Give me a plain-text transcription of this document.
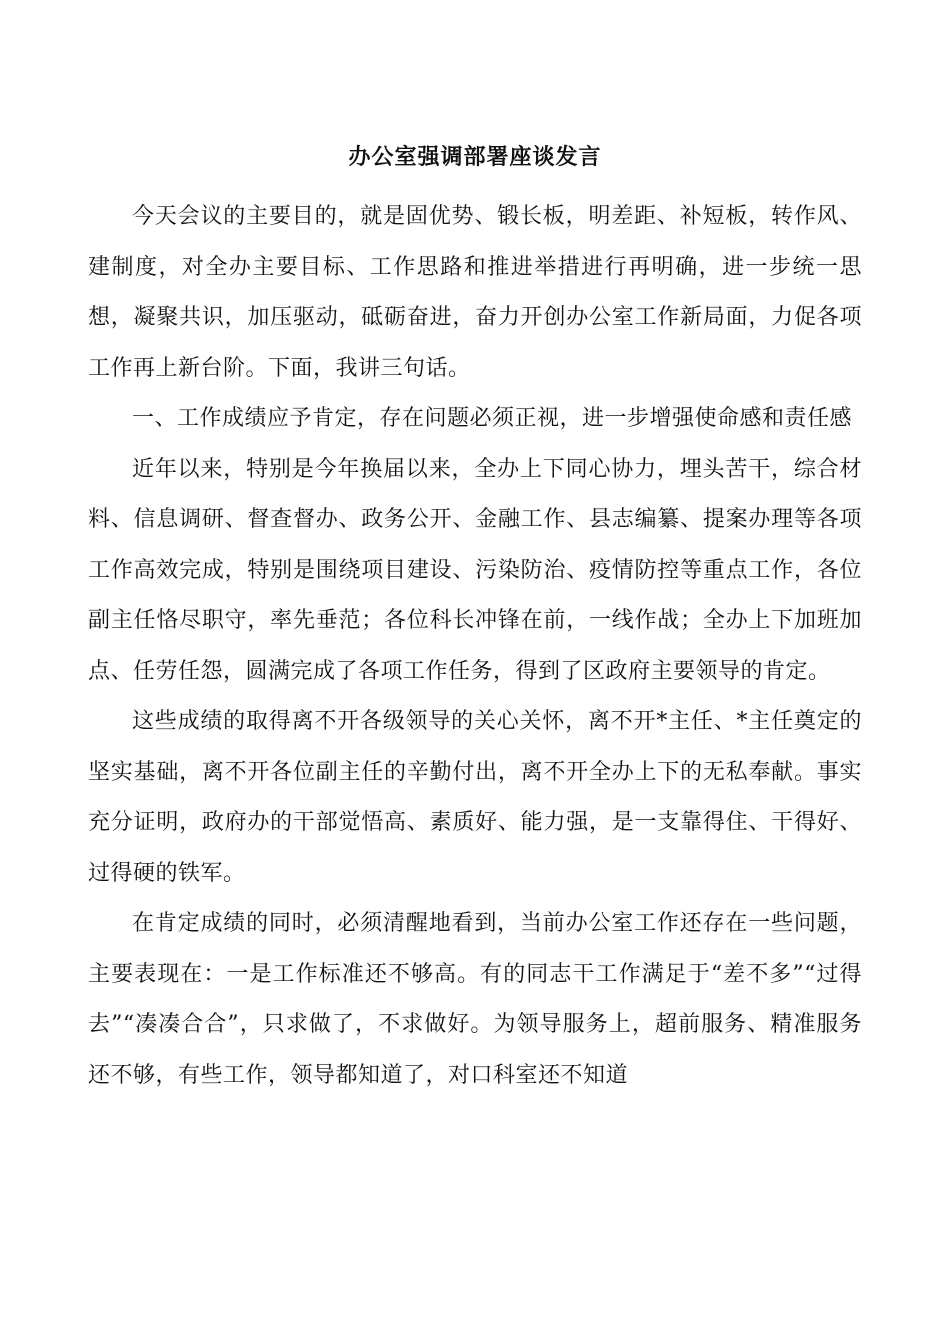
办公室强调部署座谈发言

今天会议的主要目的，就是固优势、锻长板，明差距、补短板，转作风、建制度，对全办主要目标、工作思路和推进举措进行再明确，进一步统一思想，凝聚共识，加压驱动，砥砺奋进，奋力开创办公室工作新局面，力促各项工作再上新台阶。下面，我讲三句话。

一、工作成绩应予肯定，存在问题必须正视，进一步增强使命感和责任感

近年以来，特别是今年换届以来，全办上下同心协力，埋头苦干，综合材料、信息调研、督查督办、政务公开、金融工作、县志编纂、提案办理等各项工作高效完成，特别是围绕项目建设、污染防治、疫情防控等重点工作，各位副主任恪尽职守，率先垂范；各位科长冲锋在前，一线作战；全办上下加班加点、任劳任怨，圆满完成了各项工作任务，得到了区政府主要领导的肯定。

这些成绩的取得离不开各级领导的关心关怀，离不开*主任、*主任奠定的坚实基础，离不开各位副主任的辛勤付出，离不开全办上下的无私奉献。事实充分证明，政府办的干部觉悟高、素质好、能力强，是一支靠得住、干得好、过得硬的铁军。

在肯定成绩的同时，必须清醒地看到，当前办公室工作还存在一些问题，主要表现在：一是工作标准还不够高。有的同志干工作满足于“差不多”“过得去”“凑凑合合”，只求做了，不求做好。为领导服务上，超前服务、精准服务还不够，有些工作，领导都知道了，对口科室还不知道
